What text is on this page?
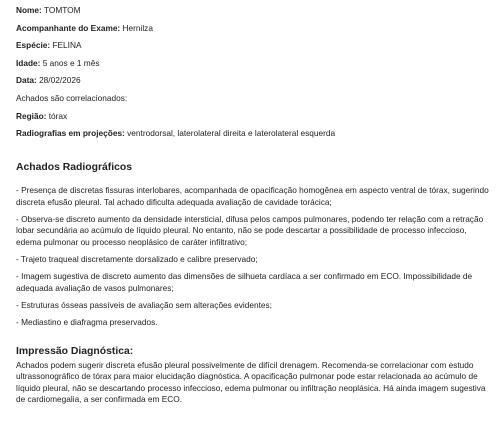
Nome: TOMTOM
Acompanhante do Exame: Hernilza
Espécie: FELINA
Idade: 5 anos e 1 mês
Data: 28/02/2026
Achados são correlacionados:
Região: tórax
Radiografias em projeções: ventrodorsal, laterolateral direita e laterolateral esquerda
Achados Radiográficos

- Presença de discretas fissuras interlobares, acompanhada de opacificação homogênea em aspecto ventral de tórax, sugerindo discreta efusão pleural. Tal achado dificulta adequada avaliação de cavidade torácica;

- Observa-se discreto aumento da densidade intersticial, difusa pelos campos pulmonares, podendo ter relação com a retração lobar secundária ao acúmulo de líquido pleural. No entanto, não se pode descartar a possibilidade de processo infeccioso, edema pulmonar ou processo neoplásico de caráter infiltrativo;

- Trajeto traqueal discretamente dorsalizado e calibre preservado;

- Imagem sugestiva de discreto aumento das dimensões de silhueta cardíaca a ser confirmado em ECO. Impossibilidade de adequada avaliação de vasos pulmonares;

- Estruturas ósseas passíveis de avaliação sem alterações evidentes;

- Mediastino e diafragma preservados.

Impressão Diagnóstica:

Achados podem sugerir discreta efusão pleural possivelmente de difícil drenagem. Recomenda-se correlacionar com estudo ultrassonográfico de tórax para maior elucidação diagnóstica. A opacificação pulmonar pode estar relacionada ao acúmulo de líquido pleural, não se descartando processo infeccioso, edema pulmonar ou infiltração neoplásica. Há ainda imagem sugestiva de cardiomegalia, a ser confirmada em ECO.
